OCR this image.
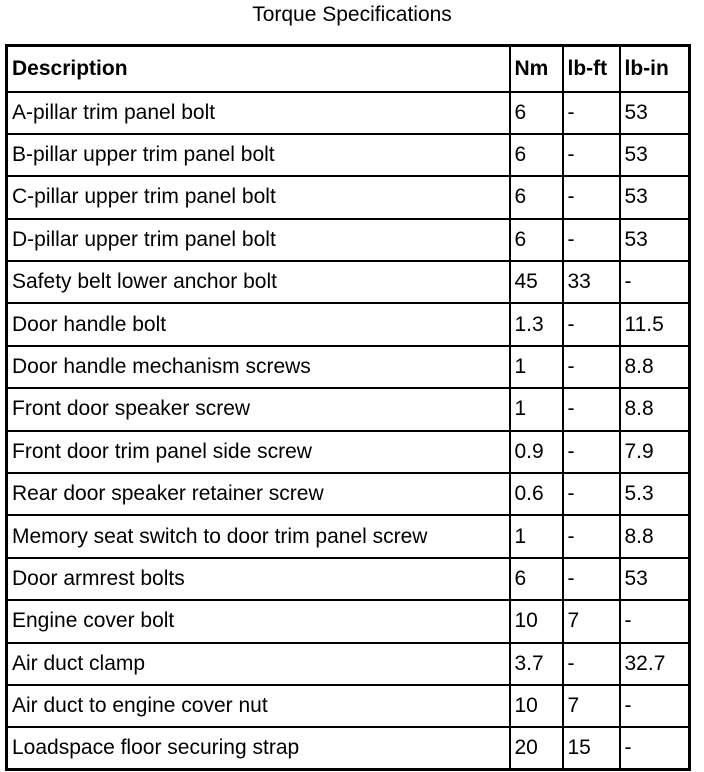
Torque Specifications
Description	Nm	lb-ft	lb-in
A-pillar trim panel bolt	6	-	53
B-pillar upper trim panel bolt	6	-	53
C-pillar upper trim panel bolt	6	-	53
D-pillar upper trim panel bolt	6	-	53
Safety belt lower anchor bolt	45	33	-
Door handle bolt	1.3	-	11.5
Door handle mechanism screws	1	-	8.8
Front door speaker screw	1	-	8.8
Front door trim panel side screw	0.9	-	7.9
Rear door speaker retainer screw	0.6	-	5.3
Memory seat switch to door trim panel screw	1	-	8.8
Door armrest bolts	6	-	53
Engine cover bolt	10	7	-
Air duct clamp	3.7	-	32.7
Air duct to engine cover nut	10	7	-
Loadspace floor securing strap	20	15	-
